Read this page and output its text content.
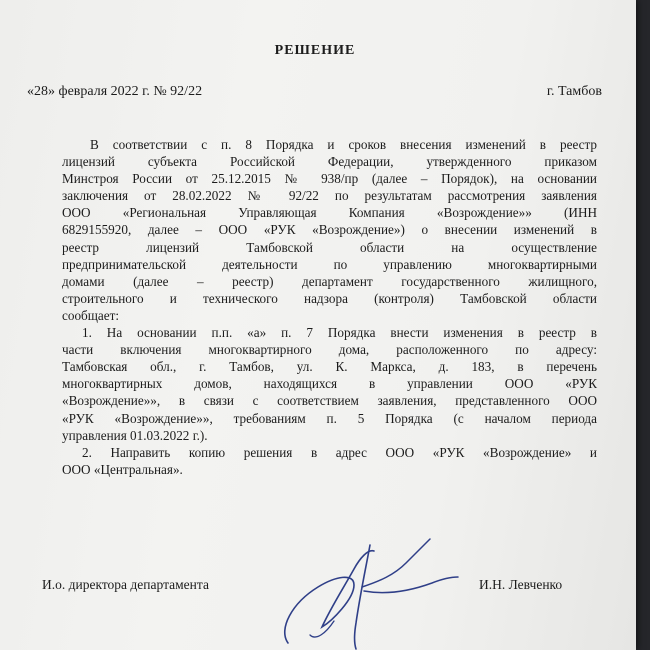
РЕШЕНИЕ
«28» февраля 2022 г. № 92/22	г. Тамбов
В соответствии с п. 8 Порядка и сроков внесения изменений в реестр
лицензий субъекта Российской Федерации, утвержденного приказом
Минстроя России от 25.12.2015 № 938/пр (далее – Порядок), на основании
заключения от 28.02.2022 № 92/22 по результатам рассмотрения заявления
ООО «Региональная Управляющая Компания «Возрождение»» (ИНН
6829155920, далее – ООО «РУК «Возрождение») о внесении изменений в
реестр лицензий Тамбовской области на осуществление
предпринимательской деятельности по управлению многоквартирными
домами (далее – реестр) департамент государственного жилищного,
строительного и технического надзора (контроля) Тамбовской области
сообщает:
1. На основании п.п. «а» п. 7 Порядка внести изменения в реестр в
части включения многоквартирного дома, расположенного по адресу:
Тамбовская обл., г. Тамбов, ул. К. Маркса, д. 183, в перечень
многоквартирных домов, находящихся в управлении ООО «РУК
«Возрождение»», в связи с соответствием заявления, представленного ООО
«РУК «Возрождение»», требованиям п. 5 Порядка (с началом периода
управления 01.03.2022 г.).
2. Направить копию решения в адрес ООО «РУК «Возрождение» и
ООО «Центральная».
И.о. директора департамента	И.Н. Левченко
